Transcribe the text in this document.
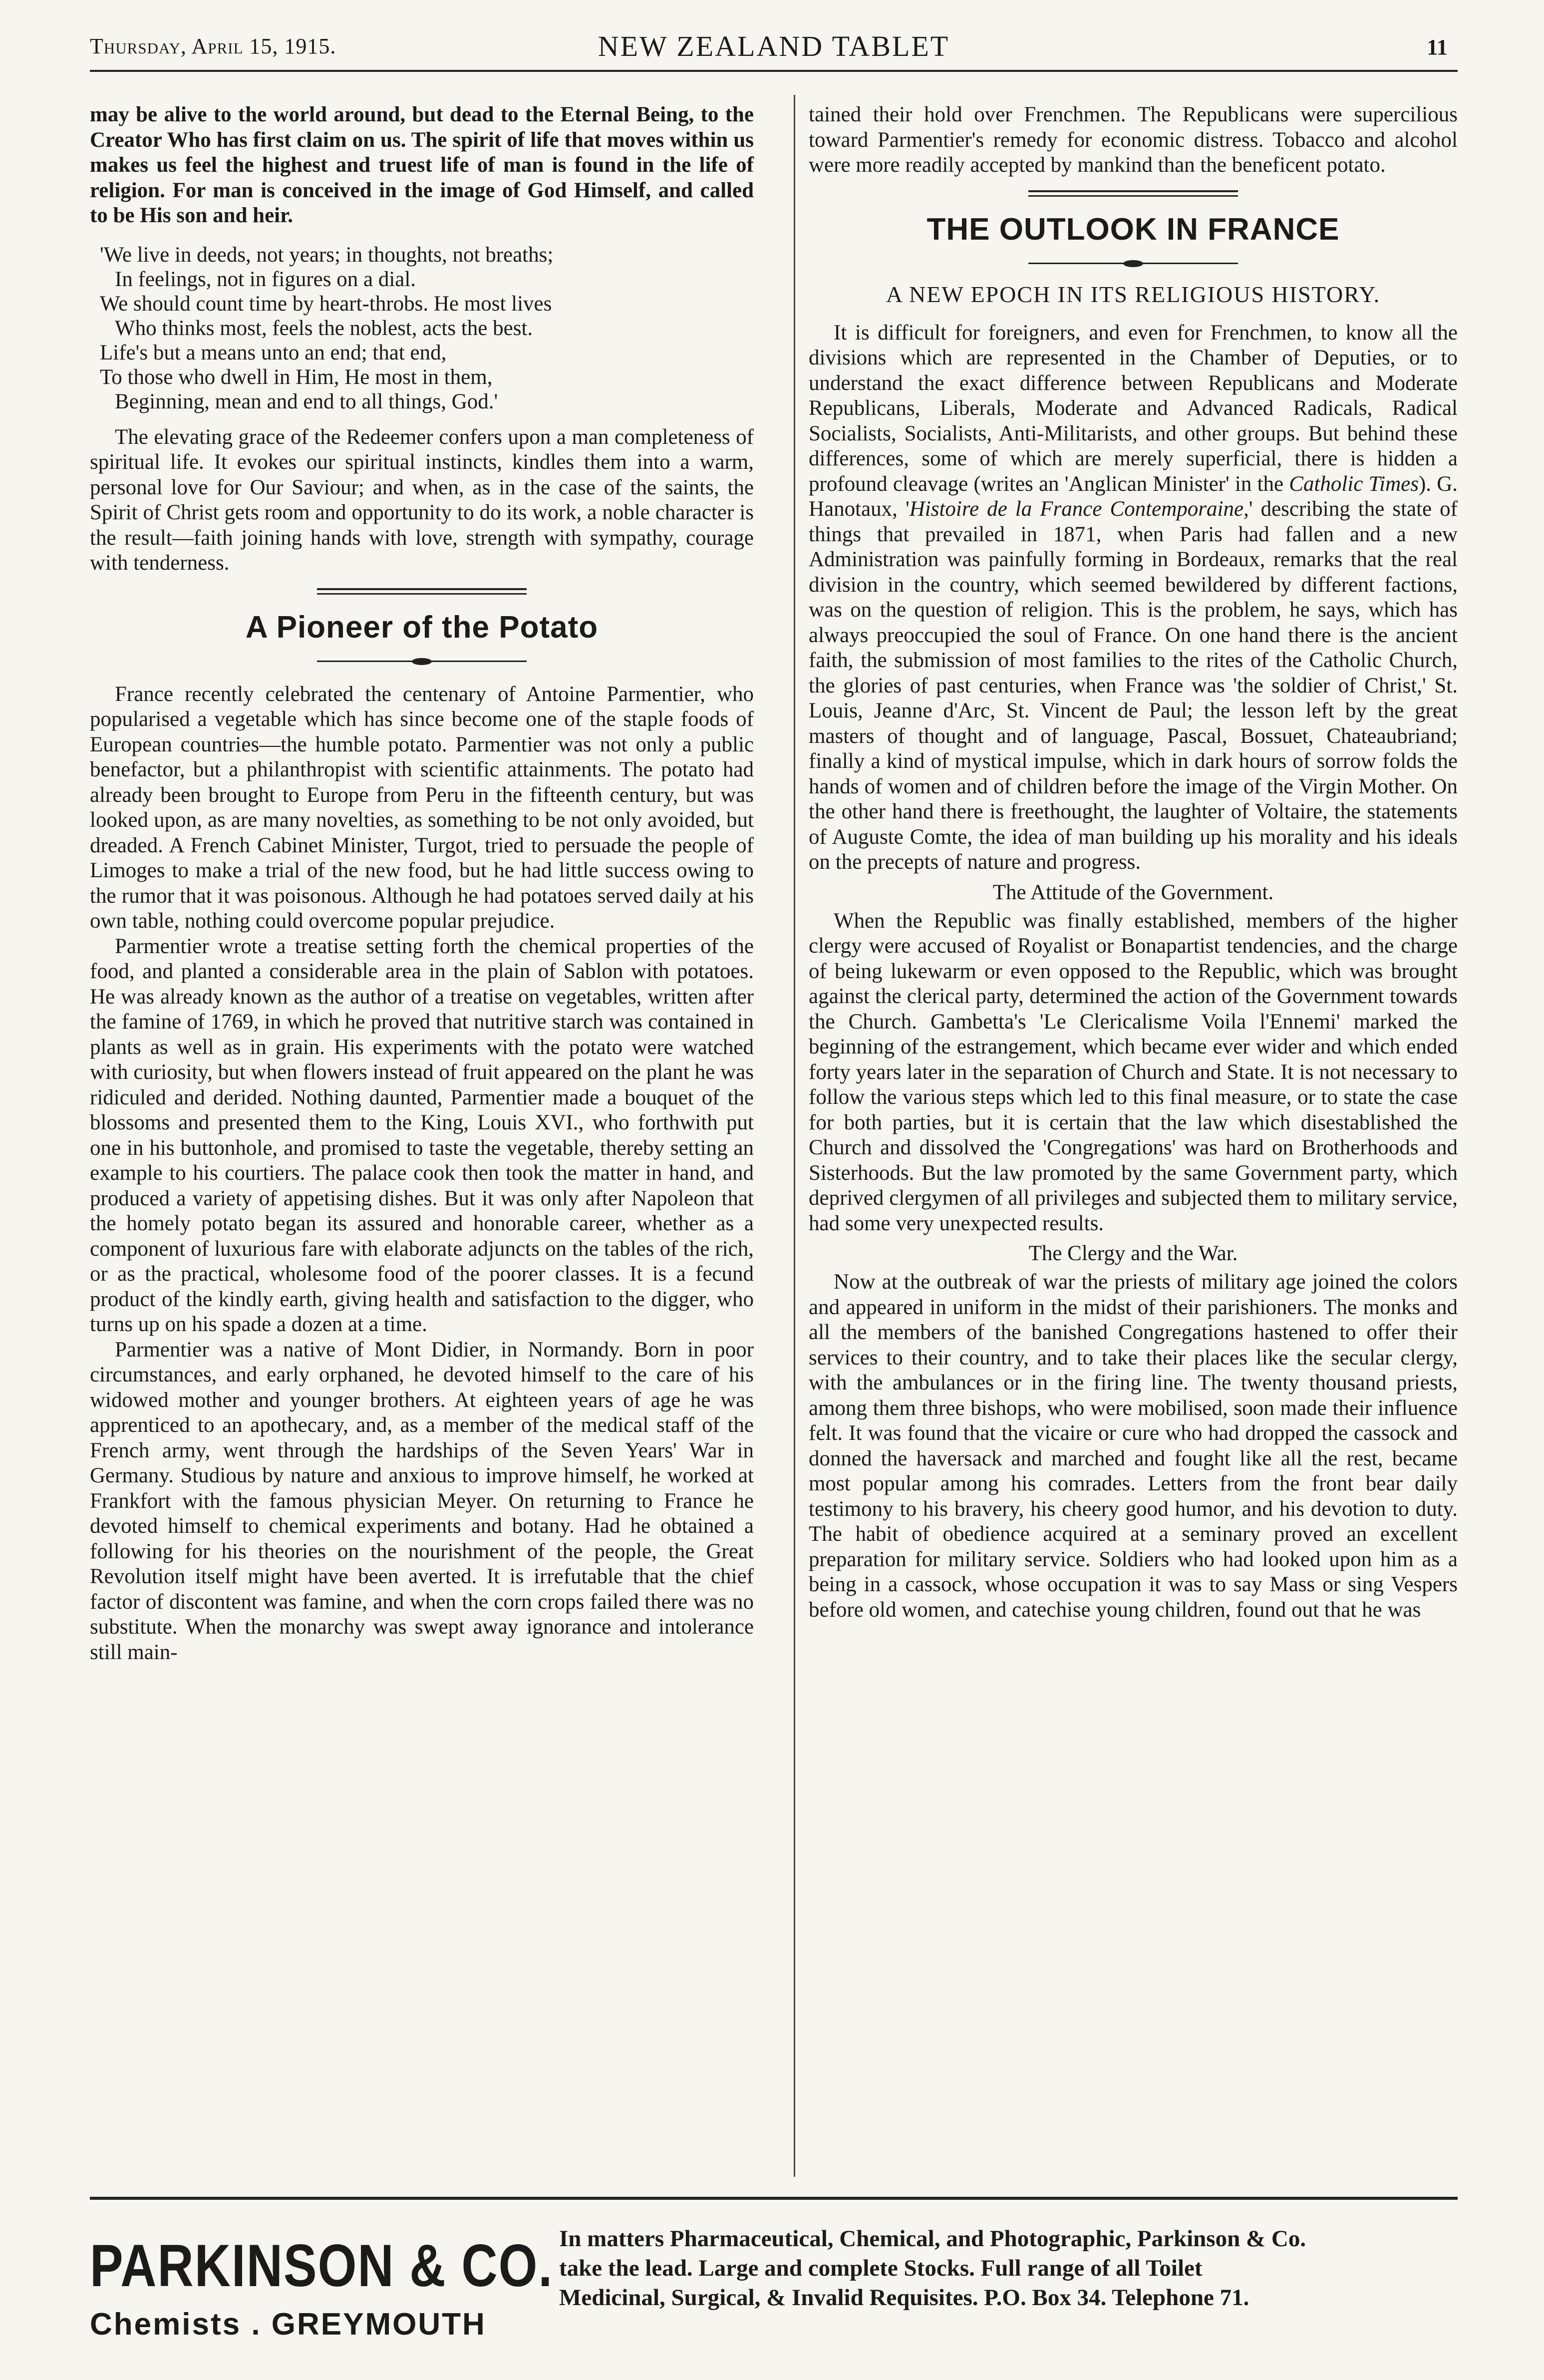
Thursday, April 15, 1915.	NEW ZEALAND TABLET	11

may be alive to the world around, but dead to the Eternal Being, to the Creator Who has first claim on us. The spirit of life that moves within us makes us feel the highest and truest life of man is found in the life of religion. For man is conceived in the image of God Himself, and called to be His son and heir.

'We live in deeds, not years; in thoughts, not breaths;
In feelings, not in figures on a dial.
We should count time by heart-throbs. He most lives
Who thinks most, feels the noblest, acts the best.
Life's but a means unto an end; that end,
To those who dwell in Him, He most in them,
Beginning, mean and end to all things, God.'

The elevating grace of the Redeemer confers upon a man completeness of spiritual life. It evokes our spiritual instincts, kindles them into a warm, personal love for Our Saviour; and when, as in the case of the saints, the Spirit of Christ gets room and opportunity to do its work, a noble character is the result—faith joining hands with love, strength with sympathy, courage with tenderness.

A Pioneer of the Potato

France recently celebrated the centenary of Antoine Parmentier, who popularised a vegetable which has since become one of the staple foods of European countries—the humble potato. Parmentier was not only a public benefactor, but a philanthropist with scientific attainments. The potato had already been brought to Europe from Peru in the fifteenth century, but was looked upon, as are many novelties, as something to be not only avoided, but dreaded. A French Cabinet Minister, Turgot, tried to persuade the people of Limoges to make a trial of the new food, but he had little success owing to the rumor that it was poisonous. Although he had potatoes served daily at his own table, nothing could overcome popular prejudice.

Parmentier wrote a treatise setting forth the chemical properties of the food, and planted a considerable area in the plain of Sablon with potatoes. He was already known as the author of a treatise on vegetables, written after the famine of 1769, in which he proved that nutritive starch was contained in plants as well as in grain. His experiments with the potato were watched with curiosity, but when flowers instead of fruit appeared on the plant he was ridiculed and derided. Nothing daunted, Parmentier made a bouquet of the blossoms and presented them to the King, Louis XVI., who forthwith put one in his buttonhole, and promised to taste the vegetable, thereby setting an example to his courtiers. The palace cook then took the matter in hand, and produced a variety of appetising dishes. But it was only after Napoleon that the homely potato began its assured and honorable career, whether as a component of luxurious fare with elaborate adjuncts on the tables of the rich, or as the practical, wholesome food of the poorer classes. It is a fecund product of the kindly earth, giving health and satisfaction to the digger, who turns up on his spade a dozen at a time.

Parmentier was a native of Mont Didier, in Normandy. Born in poor circumstances, and early orphaned, he devoted himself to the care of his widowed mother and younger brothers. At eighteen years of age he was apprenticed to an apothecary, and, as a member of the medical staff of the French army, went through the hardships of the Seven Years' War in Germany. Studious by nature and anxious to improve himself, he worked at Frankfort with the famous physician Meyer. On returning to France he devoted himself to chemical experiments and botany. Had he obtained a following for his theories on the nourishment of the people, the Great Revolution itself might have been averted. It is irrefutable that the chief factor of discontent was famine, and when the corn crops failed there was no substitute. When the monarchy was swept away ignorance and intolerance still main-

tained their hold over Frenchmen. The Republicans were supercilious toward Parmentier's remedy for economic distress. Tobacco and alcohol were more readily accepted by mankind than the beneficent potato.

THE OUTLOOK IN FRANCE
A NEW EPOCH IN ITS RELIGIOUS HISTORY.

It is difficult for foreigners, and even for Frenchmen, to know all the divisions which are represented in the Chamber of Deputies, or to understand the exact difference between Republicans and Moderate Republicans, Liberals, Moderate and Advanced Radicals, Radical Socialists, Socialists, Anti-Militarists, and other groups. But behind these differences, some of which are merely superficial, there is hidden a profound cleavage (writes an 'Anglican Minister' in the Catholic Times). G. Hanotaux, 'Histoire de la France Contemporaine,' describing the state of things that prevailed in 1871, when Paris had fallen and a new Administration was painfully forming in Bordeaux, remarks that the real division in the country, which seemed bewildered by different factions, was on the question of religion. This is the problem, he says, which has always preoccupied the soul of France. On one hand there is the ancient faith, the submission of most families to the rites of the Catholic Church, the glories of past centuries, when France was 'the soldier of Christ,' St. Louis, Jeanne d'Arc, St. Vincent de Paul; the lesson left by the great masters of thought and of language, Pascal, Bossuet, Chateaubriand; finally a kind of mystical impulse, which in dark hours of sorrow folds the hands of women and of children before the image of the Virgin Mother. On the other hand there is freethought, the laughter of Voltaire, the statements of Auguste Comte, the idea of man building up his morality and his ideals on the precepts of nature and progress.

The Attitude of the Government.

When the Republic was finally established, members of the higher clergy were accused of Royalist or Bonapartist tendencies, and the charge of being lukewarm or even opposed to the Republic, which was brought against the clerical party, determined the action of the Government towards the Church. Gambetta's 'Le Clericalisme Voila l'Ennemi' marked the beginning of the estrangement, which became ever wider and which ended forty years later in the separation of Church and State. It is not necessary to follow the various steps which led to this final measure, or to state the case for both parties, but it is certain that the law which disestablished the Church and dissolved the 'Congregations' was hard on Brotherhoods and Sisterhoods. But the law promoted by the same Government party, which deprived clergymen of all privileges and subjected them to military service, had some very unexpected results.

The Clergy and the War.

Now at the outbreak of war the priests of military age joined the colors and appeared in uniform in the midst of their parishioners. The monks and all the members of the banished Congregations hastened to offer their services to their country, and to take their places like the secular clergy, with the ambulances or in the firing line. The twenty thousand priests, among them three bishops, who were mobilised, soon made their influence felt. It was found that the vicaire or cure who had dropped the cassock and donned the haversack and marched and fought like all the rest, became most popular among his comrades. Letters from the front bear daily testimony to his bravery, his cheery good humor, and his devotion to duty. The habit of obedience acquired at a seminary proved an excellent preparation for military service. Soldiers who had looked upon him as a being in a cassock, whose occupation it was to say Mass or sing Vespers before old women, and catechise young children, found out that he was

PARKINSON & CO.
Chemists . GREYMOUTH
In matters Pharmaceutical, Chemical, and Photographic, Parkinson & Co.
take the lead. Large and complete Stocks. Full range of all Toilet
Medicinal, Surgical, & Invalid Requisites. P.O. Box 34. Telephone 71.
